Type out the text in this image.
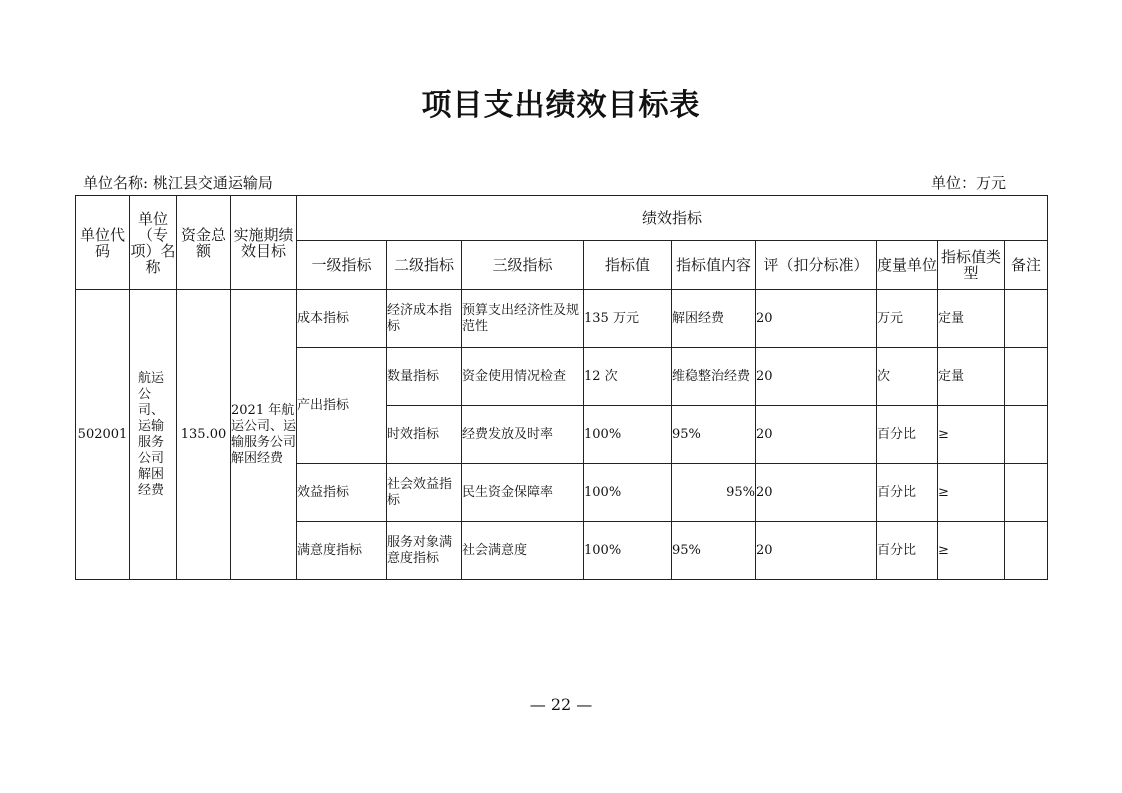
项目支出绩效目标表
单位名称: 桃江县交通运输局	单位：万元
单位代码	单位（专项）名称	资金总额	实施期绩效目标	绩效指标								
				一级指标	二级指标	三级指标	指标值	指标值内容	评（扣分标准）	度量单位	指标值类型	备注
502001	航运公司、运输服务公司解困经费	135.00	2021 年航运公司、运输服务公司解困经费	成本指标	经济成本指标	预算支出经济性及规范性	135 万元	解困经费	20	万元	定量	
				产出指标	数量指标	资金使用情况检查	12 次	维稳整治经费	20	次	定量	
					时效指标	经费发放及时率	100%	95%	20	百分比	≥	
				效益指标	社会效益指标	民生资金保障率	100%	95%	20	百分比	≥	
				满意度指标	服务对象满意度指标	社会满意度	100%	95%	20	百分比	≥	
— 22 —
